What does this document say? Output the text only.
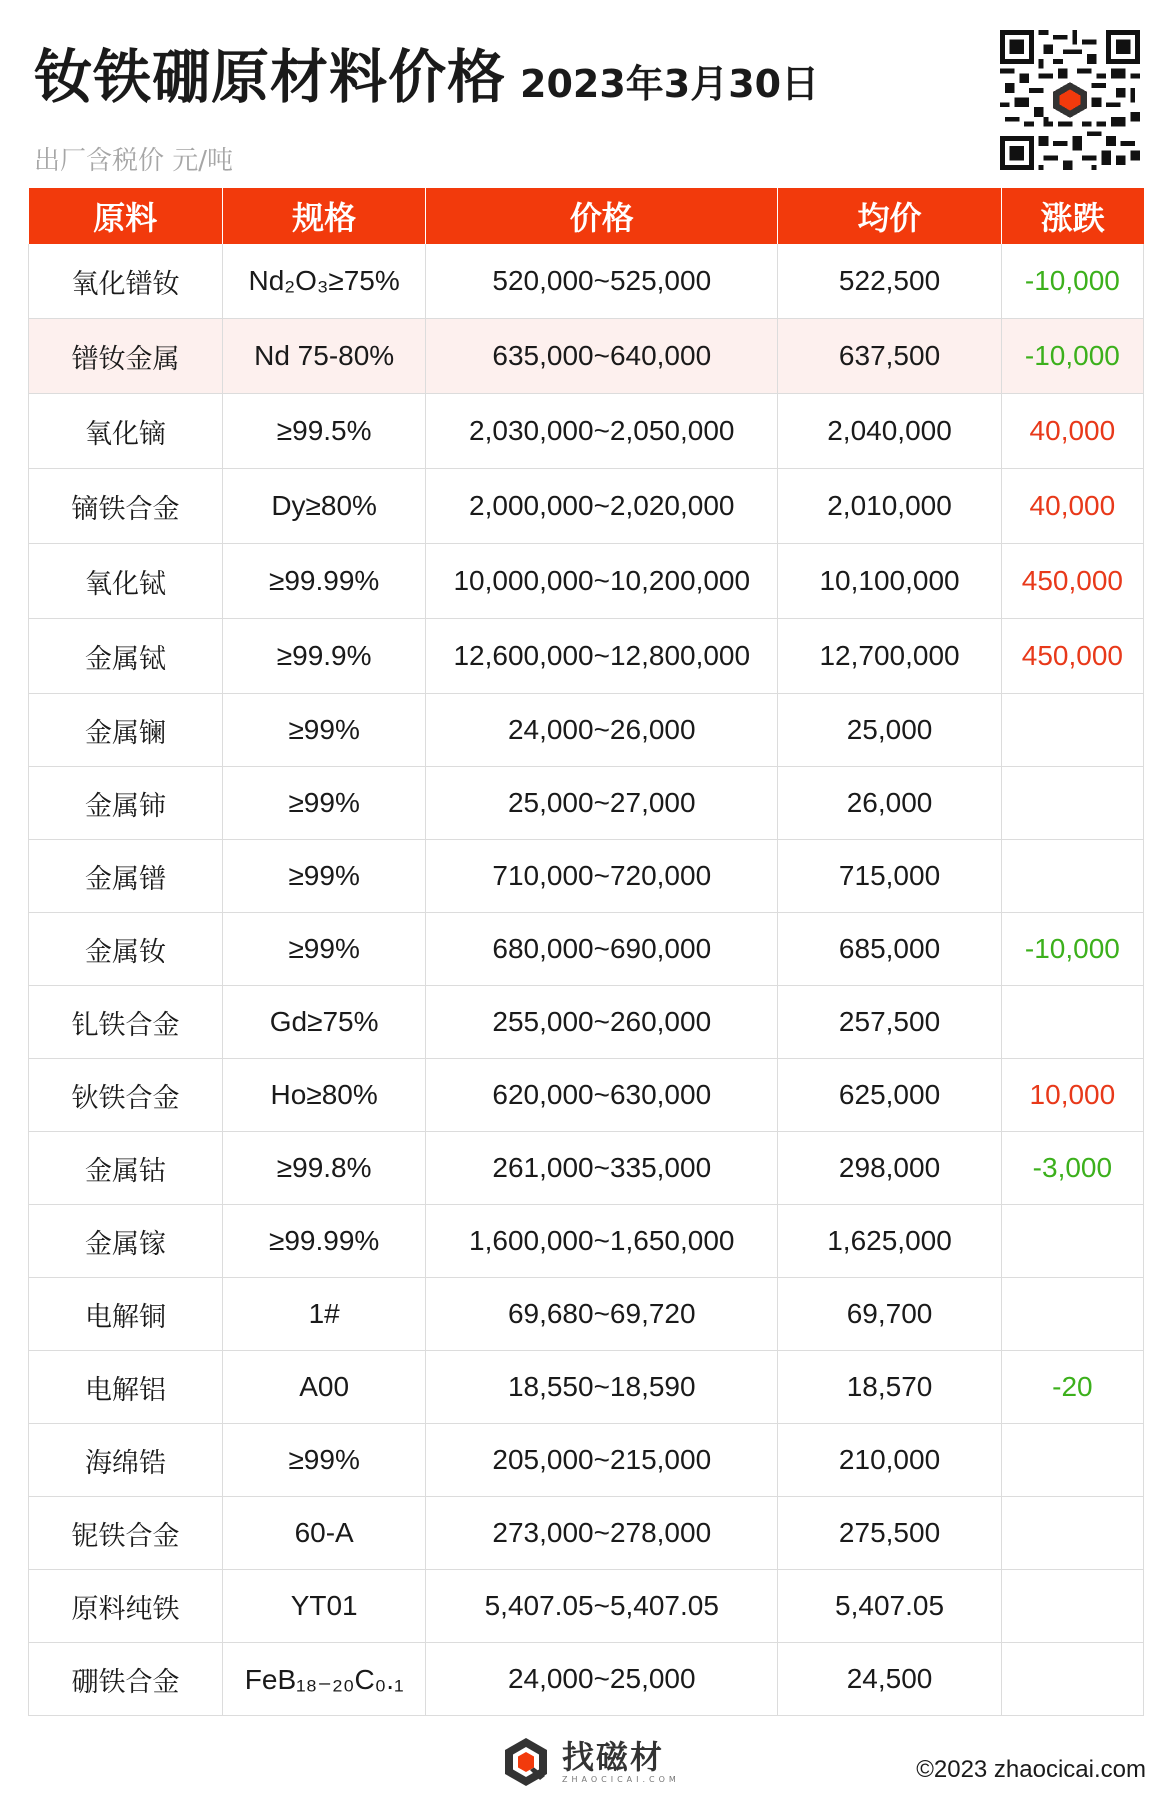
钕铁硼原材料价格 2023年3月30日
出厂含税价 元/吨
原料	规格	价格	均价	涨跌
氧化镨钕	Nd₂O₃≥75%	520,000~525,000	522,500	-10,000
镨钕金属	Nd 75-80%	635,000~640,000	637,500	-10,000
氧化镝	≥99.5%	2,030,000~2,050,000	2,040,000	40,000
镝铁合金	Dy≥80%	2,000,000~2,020,000	2,010,000	40,000
氧化铽	≥99.99%	10,000,000~10,200,000	10,100,000	450,000
金属铽	≥99.9%	12,600,000~12,800,000	12,700,000	450,000
金属镧	≥99%	24,000~26,000	25,000	
金属铈	≥99%	25,000~27,000	26,000	
金属镨	≥99%	710,000~720,000	715,000	
金属钕	≥99%	680,000~690,000	685,000	-10,000
钆铁合金	Gd≥75%	255,000~260,000	257,500	
钬铁合金	Ho≥80%	620,000~630,000	625,000	10,000
金属钴	≥99.8%	261,000~335,000	298,000	-3,000
金属镓	≥99.99%	1,600,000~1,650,000	1,625,000	
电解铜	1#	69,680~69,720	69,700	
电解铝	A00	18,550~18,590	18,570	-20
海绵锆	≥99%	205,000~215,000	210,000	
铌铁合金	60-A	273,000~278,000	275,500	
原料纯铁	YT01	5,407.05~5,407.05	5,407.05	
硼铁合金	FeB₁₈₋₂₀C₀.₁	24,000~25,000	24,500	
找磁材
ZHAOCICAI.COM	©2023 zhaocicai.com
